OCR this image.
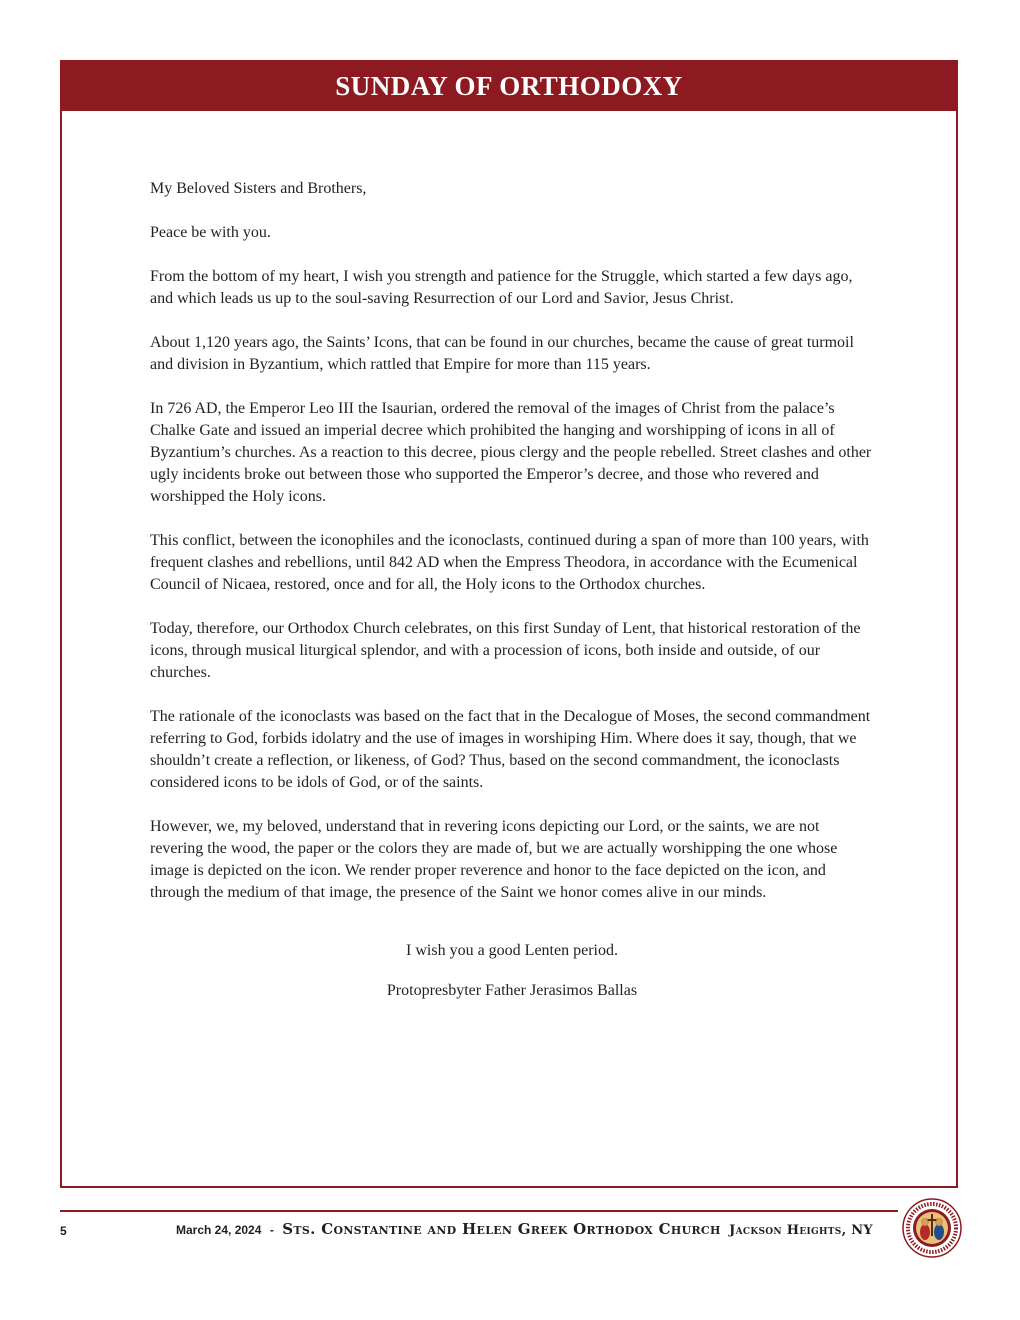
SUNDAY OF ORTHODOXY

My Beloved Sisters and Brothers,

Peace be with you.

From the bottom of my heart, I wish you strength and patience for the Struggle, which started a few days ago, and which leads us up to the soul-saving Resurrection of our Lord and Savior, Jesus Christ.

About 1,120 years ago, the Saints’ Icons, that can be found in our churches, became the cause of great turmoil and division in Byzantium, which rattled that Empire for more than 115 years.

In 726 AD, the Emperor Leo III the Isaurian, ordered the removal of the images of Christ from the palace’s Chalke Gate and issued an imperial decree which prohibited the hanging and worshipping of icons in all of Byzantium’s churches. As a reaction to this decree, pious clergy and the people rebelled. Street clashes and other ugly incidents broke out between those who supported the Emperor’s decree, and those who revered and worshipped the Holy icons.

This conflict, between the iconophiles and the iconoclasts, continued during a span of more than 100 years, with frequent clashes and rebellions, until 842 AD when the Empress Theodora, in accordance with the Ecumenical Council of Nicaea, restored, once and for all, the Holy icons to the Orthodox churches.

Today, therefore, our Orthodox Church celebrates, on this first Sunday of Lent, that historical restoration of the icons, through musical liturgical splendor, and with a procession of icons, both inside and outside, of our churches.

The rationale of the iconoclasts was based on the fact that in the Decalogue of Moses, the second commandment referring to God, forbids idolatry and the use of images in worshiping Him. Where does it say, though, that we shouldn’t create a reflection, or likeness, of God? Thus, based on the second commandment, the iconoclasts considered icons to be idols of God, or of the saints.

However, we, my beloved, understand that in revering icons depicting our Lord, or the saints, we are not revering the wood, the paper or the colors they are made of, but we are actually worshipping the one whose image is depicted on the icon. We render proper reverence and honor to the face depicted on the icon, and through the medium of that image, the presence of the Saint we honor comes alive in our minds.

I wish you a good Lenten period.

Protopresbyter Father Jerasimos Ballas

5	March 24, 2024 - Sts. Constantine and Helen Greek Orthodox Church Jackson Heights, NY
